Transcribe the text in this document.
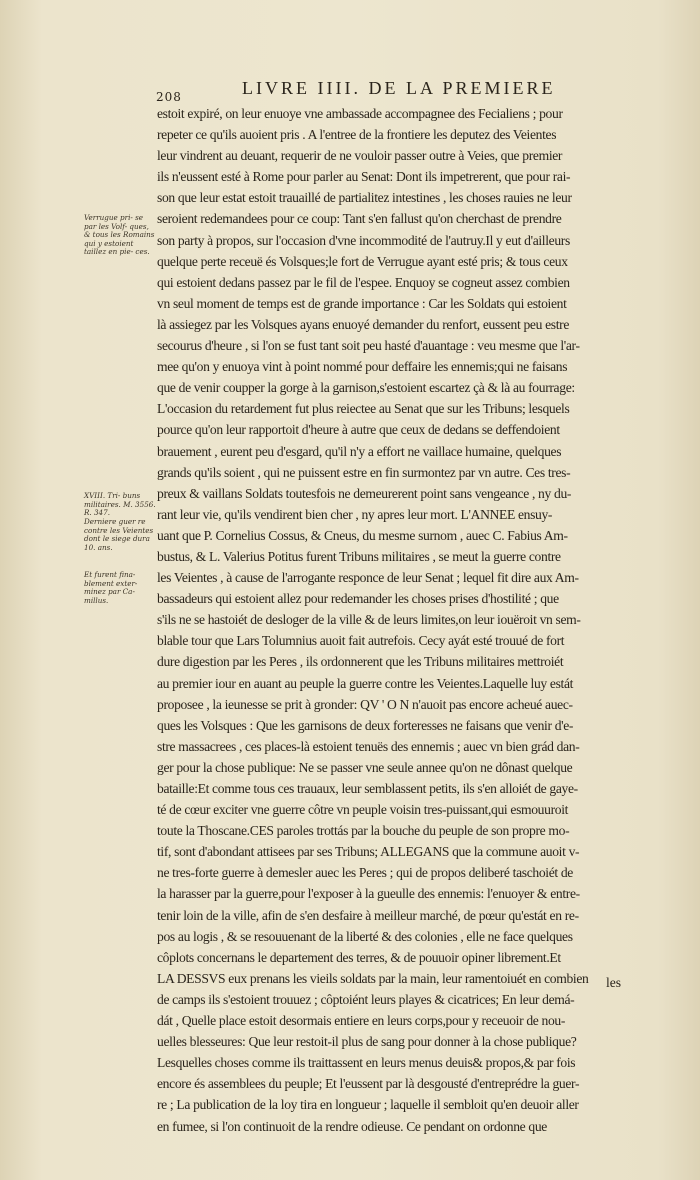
208	LIVRE IIII. DE LA PREMIERE
Verrugue pri- se par les Volf- ques, & tous les Romains qui y estoient taillez en pie- ces.
XVIII. Tri- buns militaires. M. 3556. R. 347.
Derniere guer re contre les Veientes dont le siege dura 10. ans.
Et furent fina- blement exter- minez par Ca- millus.
estoit expiré, on leur enuoye vne ambassade accompagnee des Fecialiens ; pour
repeter ce qu'ils auoient pris . A l'entree de la frontiere les deputez des Veientes
leur vindrent au deuant, requerir de ne vouloir passer outre à Veies, que premier
ils n'eussent esté à Rome pour parler au Senat: Dont ils impetrerent, que pour rai-
son que leur estat estoit trauaillé de partialitez intestines , les choses rauies ne leur
seroient redemandees pour ce coup: Tant s'en fallust qu'on cherchast de prendre
son party à propos, sur l'occasion d'vne incommodité de l'autruy.Il y eut d'ailleurs
quelque perte receuë és Volsques;le fort de Verrugue ayant esté pris; & tous ceux
qui estoient dedans passez par le fil de l'espee. Enquoy se cogneut assez combien
vn seul moment de temps est de grande importance : Car les Soldats qui estoient
là assiegez par les Volsques ayans enuoyé demander du renfort, eussent peu estre
secourus d'heure , si l'on se fust tant soit peu hasté d'auantage : veu mesme que l'ar-
mee qu'on y enuoya vint à point nommé pour deffaire les ennemis;qui ne faisans
que de venir coupper la gorge à la garnison,s'estoient escartez çà & là au fourrage:
L'occasion du retardement fut plus reiectee au Senat que sur les Tribuns; lesquels
pource qu'on leur rapportoit d'heure à autre que ceux de dedans se deffendoient
brauement , eurent peu d'esgard, qu'il n'y a effort ne vaillace humaine, quelques
grands qu'ils soient , qui ne puissent estre en fin surmontez par vn autre. Ces tres-
preux & vaillans Soldats toutesfois ne demeurerent point sans vengeance , ny du-
rant leur vie, qu'ils vendirent bien cher , ny apres leur mort. L'ANNEE ensuy-
uant que P. Cornelius Cossus, & Cneus, du mesme surnom , auec C. Fabius Am-
bustus, & L. Valerius Potitus furent Tribuns militaires , se meut la guerre contre
les Veientes , à cause de l'arrogante responce de leur Senat ; lequel fit dire aux Am-
bassadeurs qui estoient allez pour redemander les choses prises d'hostilité ; que
s'ils ne se hastoiét de desloger de la ville & de leurs limites,on leur iouëroit vn sem-
blable tour que Lars Tolumnius auoit fait autrefois. Cecy ayát esté trouué de fort
dure digestion par les Peres , ils ordonnerent que les Tribuns militaires mettroiét
au premier iour en auant au peuple la guerre contre les Veientes.Laquelle luy estát
proposee , la ieunesse se prit à gronder: QV ' O N n'auoit pas encore acheué auec-
ques les Volsques : Que les garnisons de deux forteresses ne faisans que venir d'e-
stre massacrees , ces places-là estoient tenuës des ennemis ; auec vn bien grád dan-
ger pour la chose publique: Ne se passer vne seule annee qu'on ne dônast quelque
bataille:Et comme tous ces trauaux, leur semblassent petits, ils s'en alloiét de gaye-
té de cœur exciter vne guerre côtre vn peuple voisin tres-puissant,qui esmouuroit
toute la Thoscane.CES paroles trottás par la bouche du peuple de son propre mo-
tif, sont d'abondant attisees par ses Tribuns; ALLEGANS que la commune auoit v-
ne tres-forte guerre à demesler auec les Peres ; qui de propos deliberé taschoiét de
la harasser par la guerre,pour l'exposer à la gueulle des ennemis: l'enuoyer & entre-
tenir loin de la ville, afin de s'en desfaire à meilleur marché, de pœur qu'estát en re-
pos au logis , & se resouuenant de la liberté & des colonies , elle ne face quelques
côplots concernans le departement des terres, & de pouuoir opiner librement.Et
LA DESSVS eux prenans les vieils soldats par la main, leur ramentoiuét en combien
de camps ils s'estoient trouuez ; côptoiént leurs playes & cicatrices; En leur demá-
dát , Quelle place estoit desormais entiere en leurs corps,pour y receuoir de nou-
uelles blesseures: Que leur restoit-il plus de sang pour donner à la chose publique?
Lesquelles choses comme ils traittassent en leurs menus deuis& propos,& par fois
encore és assemblees du peuple; Et l'eussent par là desgousté d'entreprédre la guer-
re ; La publication de la loy tira en longueur ; laquelle il sembloit qu'en deuoir aller
en fumee, si l'on continuoit de la rendre odieuse. Ce pendant on ordonne que
les
